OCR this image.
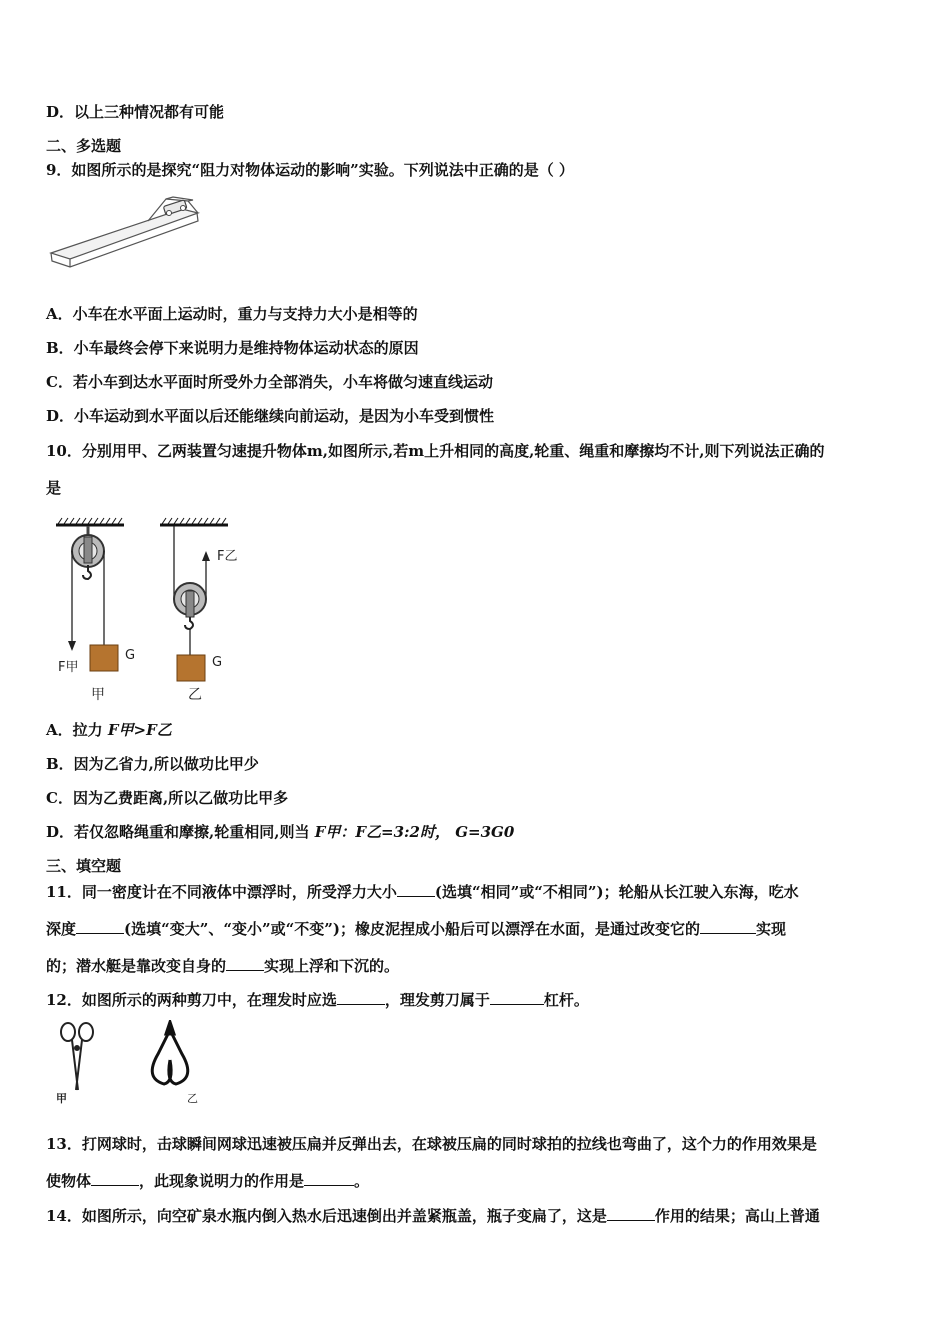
D．以上三种情况都有可能
二、多选题
9．如图所示的是探究“阻力对物体运动的影响”实验。下列说法中正确的是（ ）
A．小车在水平面上运动时，重力与支持力大小是相等的
B．小车最终会停下来说明力是维持物体运动状态的原因
C．若小车到达水平面时所受外力全部消失，小车将做匀速直线运动
D．小车运动到水平面以后还能继续向前运动，是因为小车受到惯性
10．分别用甲、乙两装置匀速提升物体m,如图所示,若m上升相同的高度,轮重、绳重和摩擦均不计,则下列说法正确的
是
F甲
G
F乙
G
甲	乙
A．拉力 F甲>F乙
B．因为乙省力,所以做功比甲少
C．因为乙费距离,所以乙做功比甲多
D．若仅忽略绳重和摩擦,轮重相同,则当 F甲：F乙=3:2时， G=3G0
三、填空题
11．同一密度计在不同液体中漂浮时，所受浮力大小	(选填“相同”或“不相同”)；轮船从长江驶入东海，吃水
深度	(选填“变大”、“变小”或“不变”)；橡皮泥捏成小船后可以漂浮在水面，是通过改变它的	实现
的；潜水艇是靠改变自身的	实现上浮和下沉的。
12．如图所示的两种剪刀中，在理发时应选	，理发剪刀属于	杠杆。
甲	乙
13．打网球时，击球瞬间网球迅速被压扁并反弹出去，在球被压扁的同时球拍的拉线也弯曲了，这个力的作用效果是
使物体	，此现象说明力的作用是	。
14．如图所示，向空矿泉水瓶内倒入热水后迅速倒出并盖紧瓶盖，瓶子变扁了，这是	作用的结果；高山上普通
